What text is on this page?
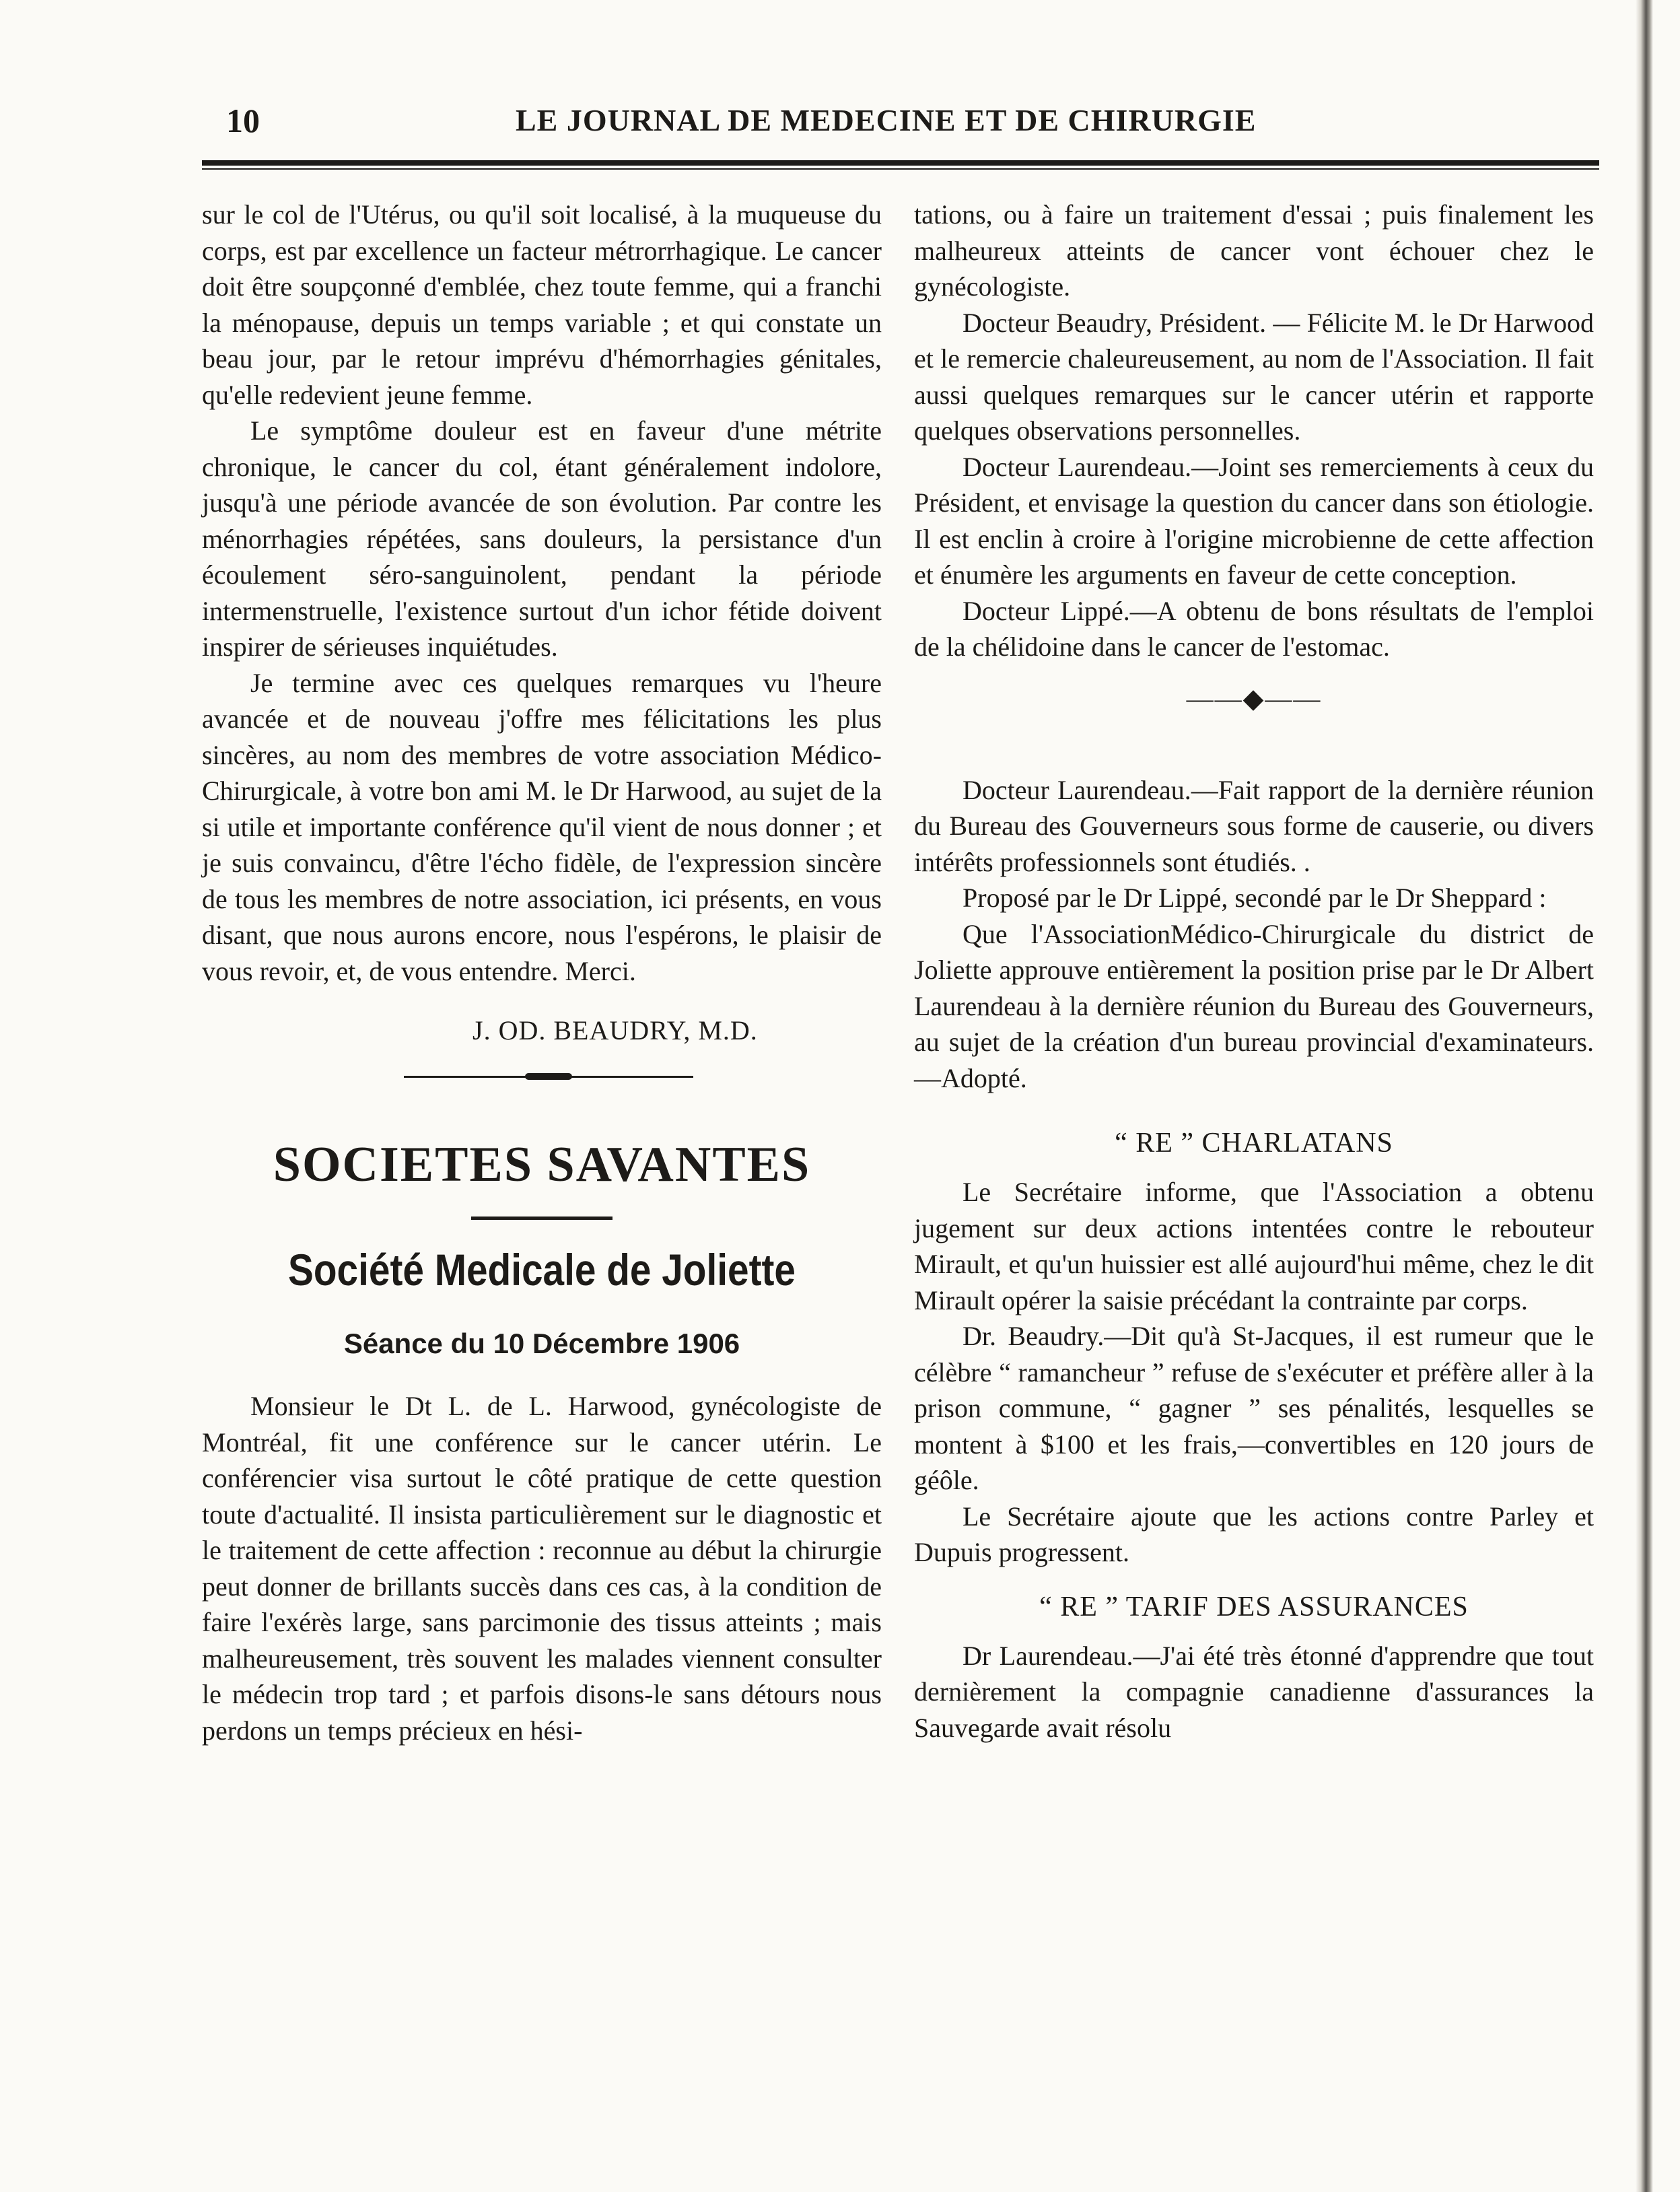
10	LE JOURNAL DE MEDECINE ET DE CHIRURGIE

sur le col de l'Utérus, ou qu'il soit localisé, à la muqueuse du corps, est par excellence un facteur métrorrhagique. Le cancer doit être soupçonné d'emblée, chez toute femme, qui a franchi la ménopause, depuis un temps variable ; et qui constate un beau jour, par le retour imprévu d'hémorrhagies génitales, qu'elle redevient jeune femme.

Le symptôme douleur est en faveur d'une métrite chronique, le cancer du col, étant généralement indolore, jusqu'à une période avancée de son évolution. Par contre les ménorrhagies répétées, sans douleurs, la persistance d'un écoulement séro-sanguinolent, pendant la période intermenstruelle, l'existence surtout d'un ichor fétide doivent inspirer de sérieuses inquiétudes.

Je termine avec ces quelques remarques vu l'heure avancée et de nouveau j'offre mes félicitations les plus sincères, au nom des membres de votre association Médico-Chirurgicale, à votre bon ami M. le Dr Harwood, au sujet de la si utile et importante conférence qu'il vient de nous donner ; et je suis convaincu, d'être l'écho fidèle, de l'expression sincère de tous les membres de notre association, ici présents, en vous disant, que nous aurons encore, nous l'espérons, le plaisir de vous revoir, et, de vous entendre. Merci.

J. OD. BEAUDRY, M.D.
SOCIETES SAVANTES
Société Medicale de Joliette
Séance du 10 Décembre 1906

Monsieur le Dt L. de L. Harwood, gynécologiste de Montréal, fit une conférence sur le cancer utérin. Le conférencier visa surtout le côté pratique de cette question toute d'actualité. Il insista particulièrement sur le diagnostic et le traitement de cette affection : reconnue au début la chirurgie peut donner de brillants succès dans ces cas, à la condition de faire l'exérès large, sans parcimonie des tissus atteints ; mais malheureusement, très souvent les malades viennent consulter le médecin trop tard ; et parfois disons-le sans détours nous perdons un temps précieux en hési-

tations, ou à faire un traitement d'essai ; puis finalement les malheureux atteints de cancer vont échouer chez le gynécologiste.

Docteur Beaudry, Président. — Félicite M. le Dr Harwood et le remercie chaleureusement, au nom de l'Association. Il fait aussi quelques remarques sur le cancer utérin et rapporte quelques observations personnelles.

Docteur Laurendeau.—Joint ses remerciements à ceux du Président, et envisage la question du cancer dans son étiologie. Il est enclin à croire à l'origine microbienne de cette affection et énumère les arguments en faveur de cette conception.

Docteur Lippé.—A obtenu de bons résultats de l'emploi de la chélidoine dans le cancer de l'estomac.

——◆——

Docteur Laurendeau.—Fait rapport de la dernière réunion du Bureau des Gouverneurs sous forme de causerie, ou divers intérêts professionnels sont étudiés. .

Proposé par le Dr Lippé, secondé par le Dr Sheppard :

Que l'AssociationMédico-Chirurgicale du district de Joliette approuve entièrement la position prise par le Dr Albert Laurendeau à la dernière réunion du Bureau des Gouverneurs, au sujet de la création d'un bureau provincial d'examinateurs.—Adopté.

“ RE ” CHARLATANS

Le Secrétaire informe, que l'Association a obtenu jugement sur deux actions intentées contre le rebouteur Mirault, et qu'un huissier est allé aujourd'hui même, chez le dit Mirault opérer la saisie précédant la contrainte par corps.

Dr. Beaudry.—Dit qu'à St-Jacques, il est rumeur que le célèbre “ ramancheur ” refuse de s'exécuter et préfère aller à la prison commune, “ gagner ” ses pénalités, lesquelles se montent à $100 et les frais,—convertibles en 120 jours de géôle.

Le Secrétaire ajoute que les actions contre Parley et Dupuis progressent.

“ RE ” TARIF DES ASSURANCES

Dr Laurendeau.—J'ai été très étonné d'apprendre que tout dernièrement la compagnie canadienne d'assurances la Sauvegarde avait résolu
